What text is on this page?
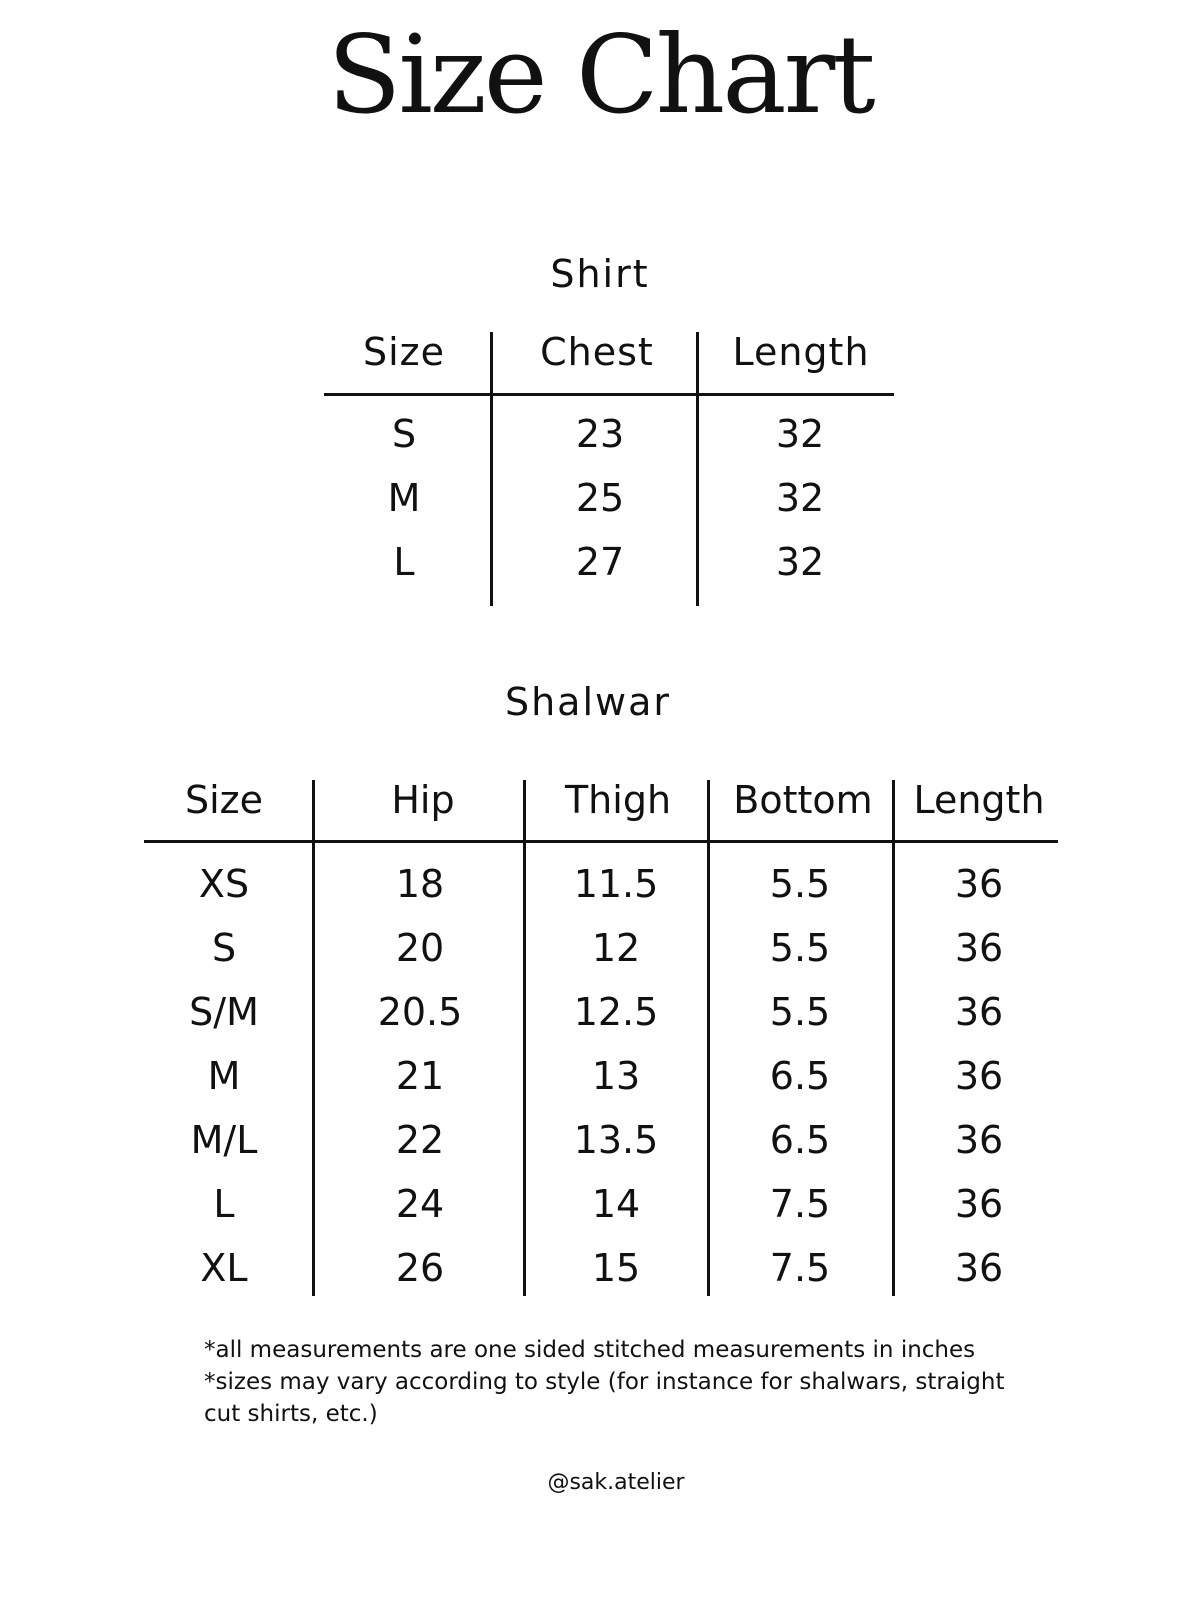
Size Chart
Shirt
Size	Chest	Length
S	23	32
M	25	32
L	27	32
Shalwar
Size	Hip	Thigh	Bottom	Length
XS	18	11.5	5.5	36
S	20	12	5.5	36
S/M	20.5	12.5	5.5	36
M	21	13	6.5	36
M/L	22	13.5	6.5	36
L	24	14	7.5	36
XL	26	15	7.5	36
*all measurements are one sided stitched measurements in inches
*sizes may vary according to style (for instance for shalwars, straight
cut shirts, etc.)
@sak.atelier
